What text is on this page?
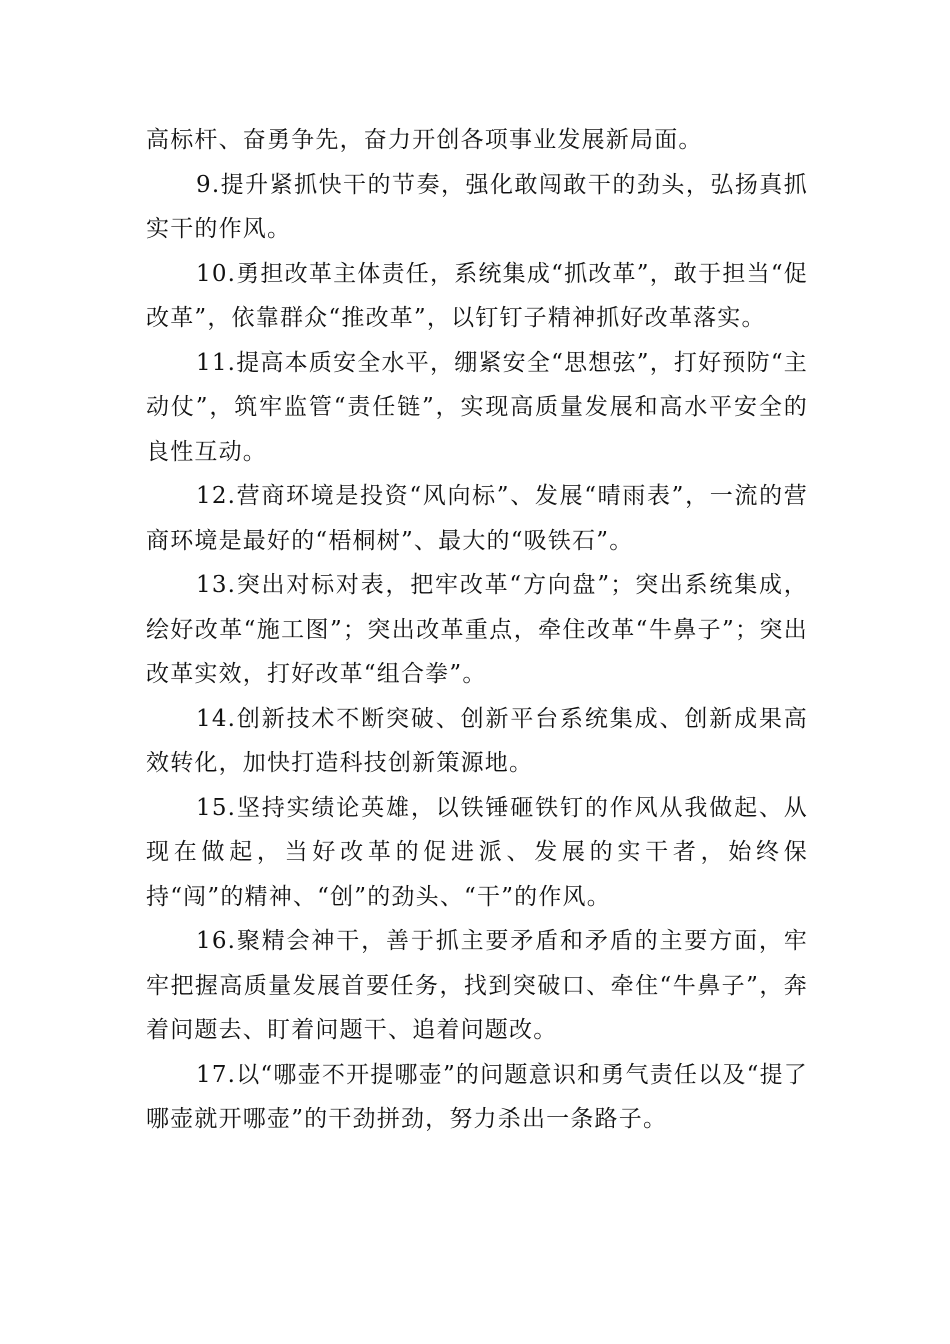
高标杆、奋勇争先，奋力开创各项事业发展新局面。

9.提升紧抓快干的节奏，强化敢闯敢干的劲头，弘扬真抓实干的作风。

10.勇担改革主体责任，系统集成“抓改革”，敢于担当“促改革”，依靠群众“推改革”，以钉钉子精神抓好改革落实。

11.提高本质安全水平，绷紧安全“思想弦”，打好预防“主动仗”，筑牢监管“责任链”，实现高质量发展和高水平安全的良性互动。

12.营商环境是投资“风向标”、发展“晴雨表”，一流的营商环境是最好的“梧桐树”、最大的“吸铁石”。

13.突出对标对表，把牢改革“方向盘”；突出系统集成，绘好改革“施工图”；突出改革重点，牵住改革“牛鼻子”；突出改革实效，打好改革“组合拳”。

14.创新技术不断突破、创新平台系统集成、创新成果高效转化，加快打造科技创新策源地。

15.坚持实绩论英雄，以铁锤砸铁钉的作风从我做起、从现在做起，当好改革的促进派、发展的实干者，始终保持“闯”的精神、“创”的劲头、“干”的作风。

16.聚精会神干，善于抓主要矛盾和矛盾的主要方面，牢牢把握高质量发展首要任务，找到突破口、牵住“牛鼻子”，奔着问题去、盯着问题干、追着问题改。

17.以“哪壶不开提哪壶”的问题意识和勇气责任以及“提了哪壶就开哪壶”的干劲拼劲，努力杀出一条路子。
